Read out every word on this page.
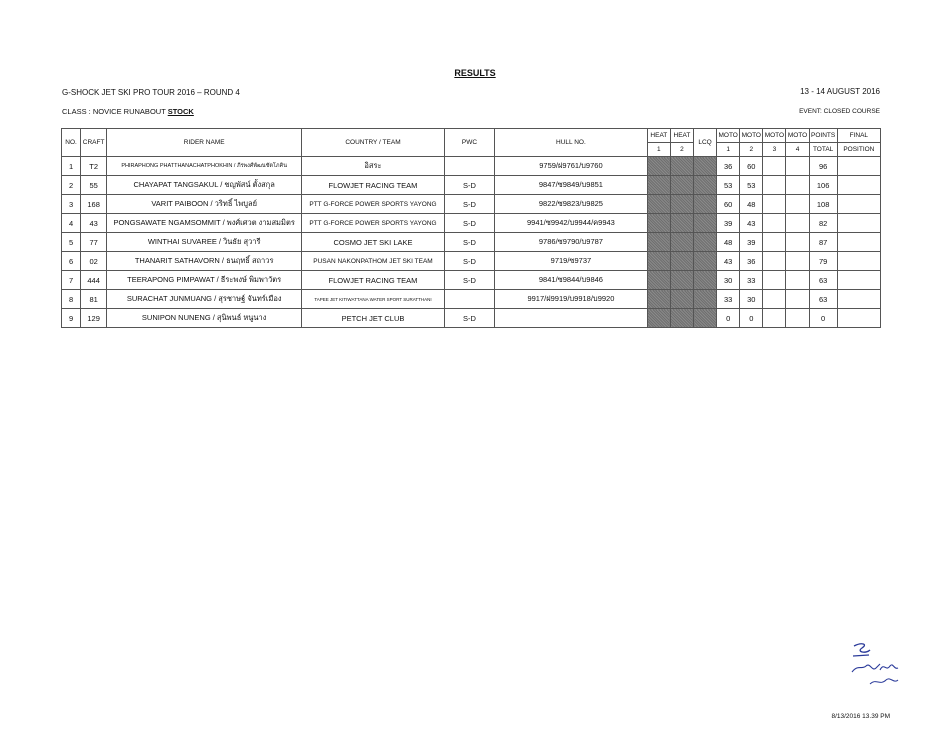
RESULTS
G-SHOCK JET SKI PRO TOUR 2016 – ROUND 4	13 - 14 AUGUST 2016
CLASS : NOVICE RUNABOUT STOCK	EVENT: CLOSED COURSE
NO.	CRAFT	RIDER NAME	COUNTRY / TEAM	PWC	HULL NO.	HEAT	HEAT	LCQ	MOTO	MOTO	MOTO	MOTO	POINTS	FINAL
						1	2		1	2	3	4	TOTAL	POSITION
1	T2	PHIRAPHONG PHATTHANACHATPHOKHIN / ภีรพงศ์พัฒนชัตโภคิน	อิสระ		9759/ฝ9761/บ9760				36	60			96	
2	55	CHAYAPAT TANGSAKUL / ชญพัสน์ ตั้งสกุล	FLOWJET RACING TEAM	S-D	9847/ซ9849/บ9851				53	53			106	
3	168	VARIT PAIBOON / วริทธิ์ ไพบูลย์	PTT G-FORCE POWER SPORTS YAYONG	S-D	9822/ซ9823/บ9825				60	48			108	
4	43	PONGSAWATE NGAMSOMMIT / พงศ์เศวต งามสมมิตร	PTT G-FORCE POWER SPORTS YAYONG	S-D	9941/ซ9942/บ9944/ค9943				39	43			82	
5	77	WINTHAI SUVAREE / วินธัย สุวารี	COSMO JET SKI LAKE	S-D	9786/ซ9790/บ9787				48	39			87	
6	02	THANARIT SATHAVORN / ธนฤทธิ์ สถาวร	PUSAN NAKONPATHOM JET SKI TEAM	S-D	9719/ซ9737				43	36			79	
7	444	TEERAPONG PIMPAWAT / ธีระพงษ์ พิมพาวัตร	FLOWJET RACING TEAM	S-D	9841/ซ9844/บ9846				30	33			63	
8	81	SURACHAT JUNMUANG / สุรชาษฐ์ จันทร์เมือง	TAPEE JET KITIWATTANA WATER SPORT SURATTHANI		9917/ฝ9919/บ9918/บ9920				33	30			63	
9	129	SUNIPON NUNENG / สุนิพนธ์ หนูนาง	PETCH JET CLUB	S-D					0	0			0	
8/13/2016 13.39 PM
